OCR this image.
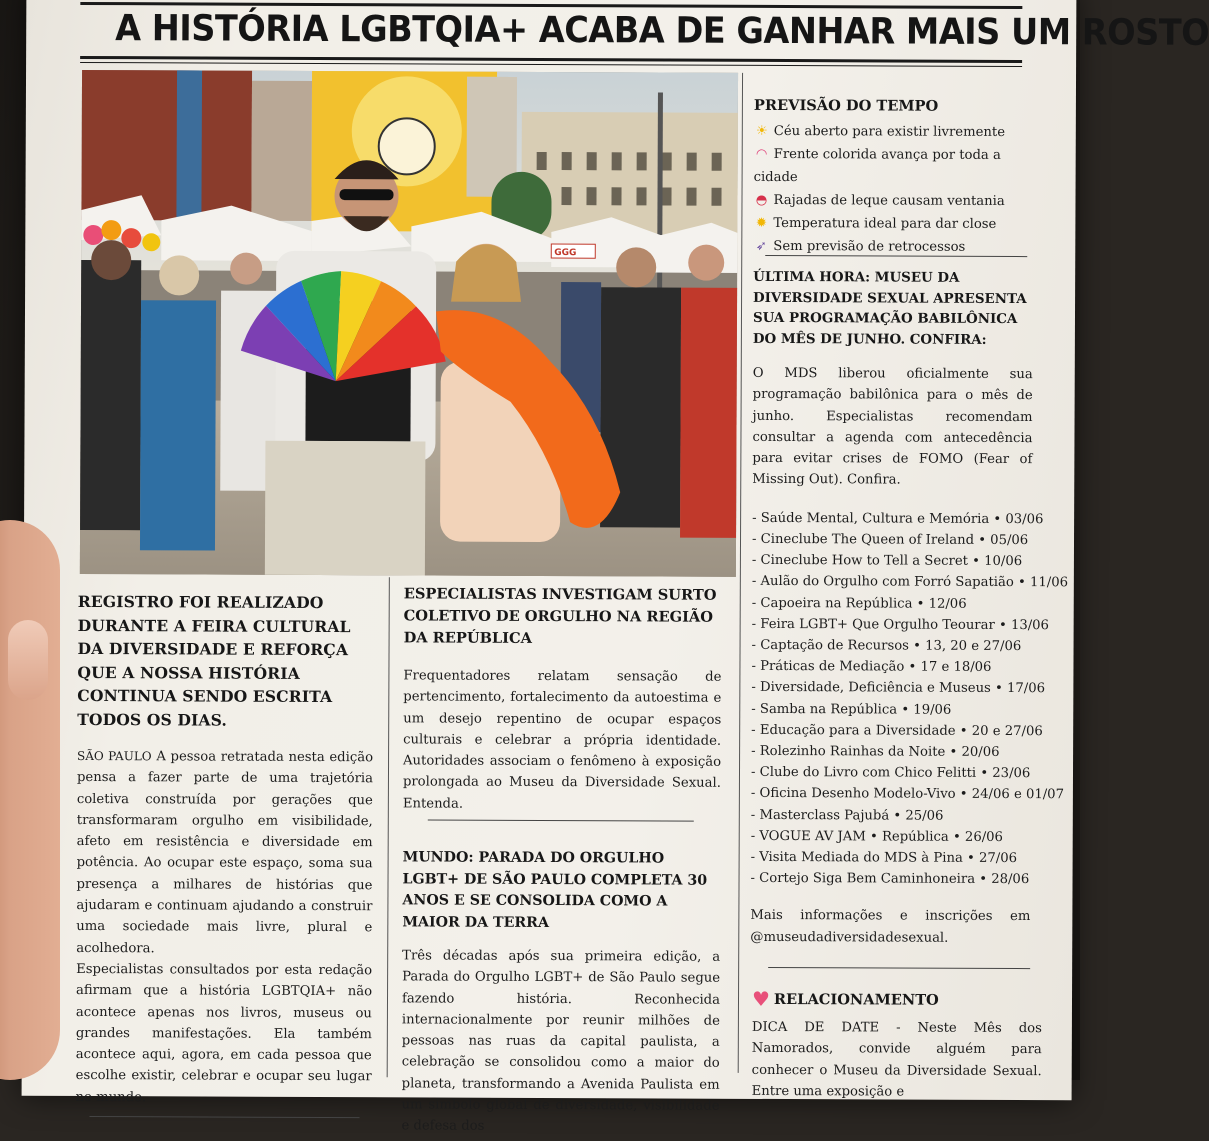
A HISTÓRIA LGBTQIA+ ACABA DE GANHAR MAIS UM ROSTO
GGG
REGISTRO FOI REALIZADO DURANTE A FEIRA CULTURAL DA DIVERSIDADE E REFORÇA QUE A NOSSA HISTÓRIA CONTINUA SENDO ESCRITA TODOS OS DIAS.

SÃO PAULO A pessoa retratada nesta edição pensa a fazer parte de uma trajetória coletiva construída por gerações que transformaram orgulho em visibilidade, afeto em resistência e diversidade em potência. Ao ocupar este espaço, soma sua presença a milhares de histórias que ajudaram e continuam ajudando a construir uma sociedade mais livre, plural e acolhedora.

Especialistas consultados por esta redação afirmam que a história LGBTQIA+ não acontece apenas nos livros, museus ou grandes manifestações. Ela também acontece aqui, agora, em cada pessoa que escolhe existir, celebrar e ocupar seu lugar no mundo.

ESPECIALISTAS INVESTIGAM SURTO COLETIVO DE ORGULHO NA REGIÃO DA REPÚBLICA

Frequentadores relatam sensação de pertencimento, fortalecimento da autoestima e um desejo repentino de ocupar espaços culturais e celebrar a própria identidade. Autoridades associam o fenômeno à exposição prolongada ao Museu da Diversidade Sexual. Entenda.

MUNDO: PARADA DO ORGULHO LGBT+ DE SÃO PAULO COMPLETA 30 ANOS E SE CONSOLIDA COMO A MAIOR DA TERRA

Três décadas após sua primeira edição, a Parada do Orgulho LGBT+ de São Paulo segue fazendo história. Reconhecida internacionalmente por reunir milhões de pessoas nas ruas da capital paulista, a celebração se consolidou como a maior do planeta, transformando a Avenida Paulista em um símbolo global de diversidade, visibilidade e defesa dos

PREVISÃO DO TEMPO
☀ Céu aberto para existir livremente
◠ Frente colorida avança por toda a cidade
◓ Rajadas de leque causam ventania
✹ Temperatura ideal para dar close
➶ Sem previsão de retrocessos
ÚLTIMA HORA: MUSEU DA DIVERSIDADE SEXUAL APRESENTA SUA PROGRAMAÇÃO BABILÔNICA DO MÊS DE JUNHO. CONFIRA:

O MDS liberou oficialmente sua programação babilônica para o mês de junho. Especialistas recomendam consultar a agenda com antecedência para evitar crises de FOMO (Fear of Missing Out). Confira.

- Saúde Mental, Cultura e Memória • 03/06
- Cineclube The Queen of Ireland • 05/06
- Cineclube How to Tell a Secret • 10/06
- Aulão do Orgulho com Forró Sapatião • 11/06
- Capoeira na República • 12/06
- Feira LGBT+ Que Orgulho Teourar • 13/06
- Captação de Recursos • 13, 20 e 27/06
- Práticas de Mediação • 17 e 18/06
- Diversidade, Deficiência e Museus • 17/06
- Samba na República • 19/06
- Educação para a Diversidade • 20 e 27/06
- Rolezinho Rainhas da Noite • 20/06
- Clube do Livro com Chico Felitti • 23/06
- Oficina Desenho Modelo-Vivo • 24/06 e 01/07
- Masterclass Pajubá • 25/06
- VOGUE AV JAM • República • 26/06
- Visita Mediada do MDS à Pina • 27/06
- Cortejo Siga Bem Caminhoneira • 28/06

Mais informações e inscrições em @museudadiversidadesexual.

♥ RELACIONAMENTO

DICA DE DATE - Neste Mês dos Namorados, convide alguém para conhecer o Museu da Diversidade Sexual. Entre uma exposição e
